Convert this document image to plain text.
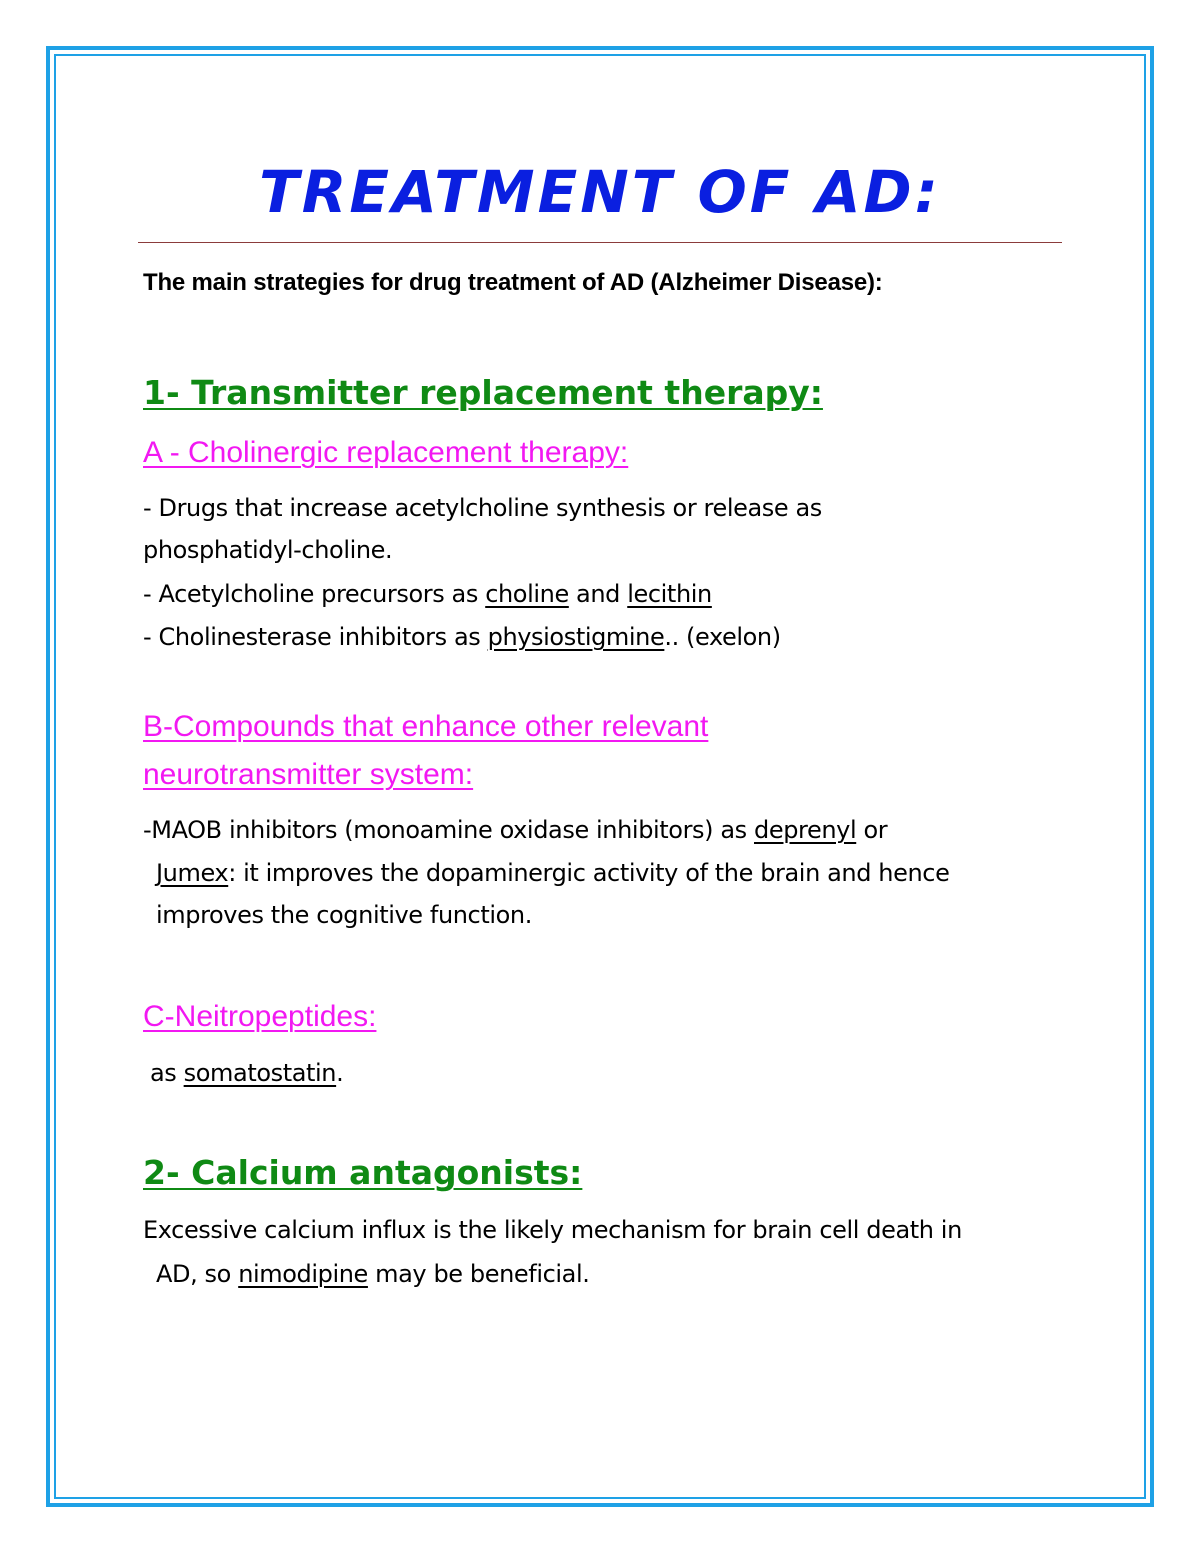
TREATMENT OF AD:
The main strategies for drug treatment of AD (Alzheimer Disease):
1- Transmitter replacement therapy:
A - Cholinergic replacement therapy:
- Drugs that increase acetylcholine synthesis or release as
phosphatidyl-choline.
- Acetylcholine precursors as choline and lecithin
- Cholinesterase inhibitors as physiostigmine.. (exelon)
B-Compounds that enhance other relevant
neurotransmitter system:
-MAOB inhibitors (monoamine oxidase inhibitors) as deprenyl or
Jumex: it improves the dopaminergic activity of the brain and hence
improves the cognitive function.
C-Neitropeptides:
as somatostatin.
2- Calcium antagonists:
Excessive calcium influx is the likely mechanism for brain cell death in
AD, so nimodipine may be beneficial.
